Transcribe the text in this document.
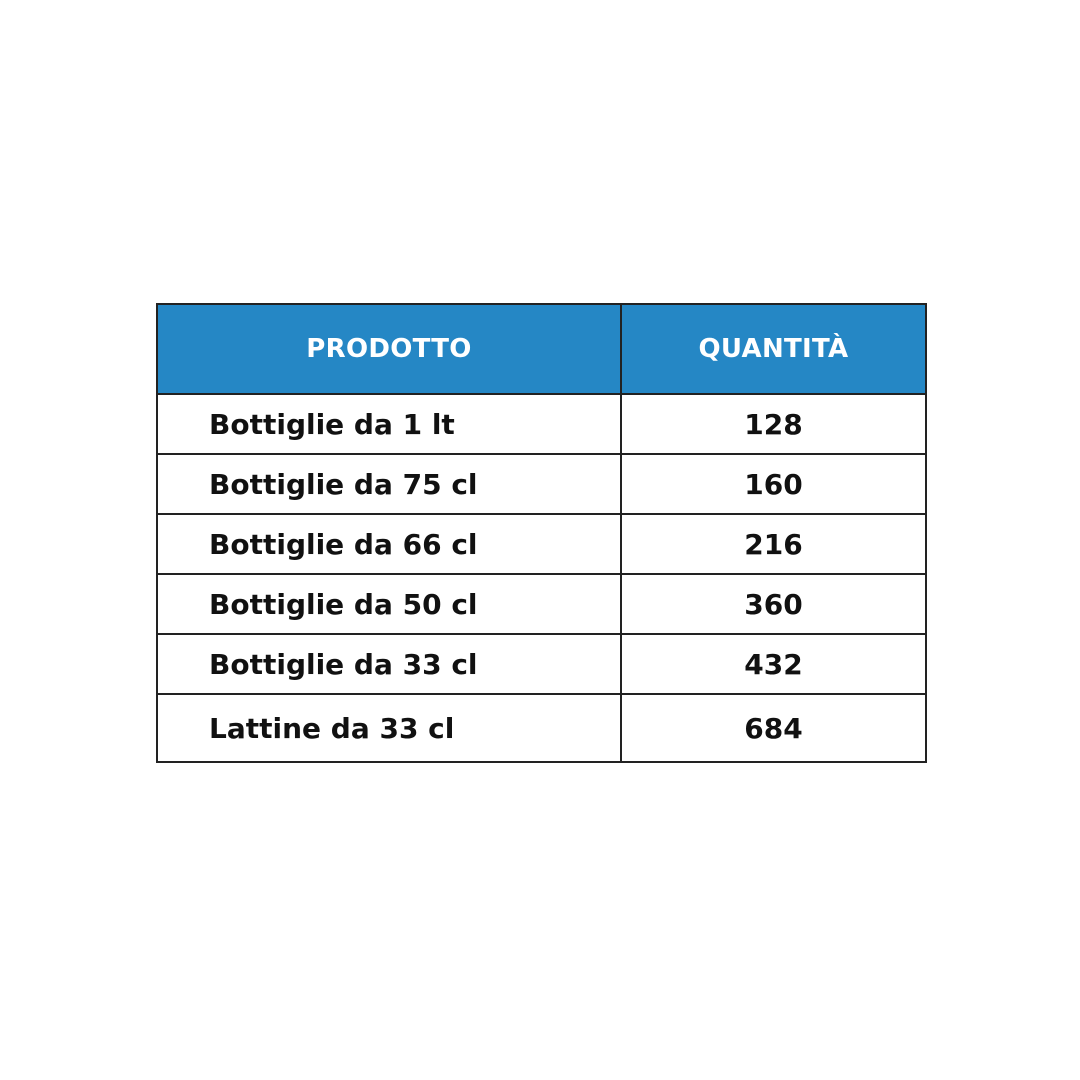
PRODOTTO	QUANTITÀ
Bottiglie da 1 lt	128
Bottiglie da 75 cl	160
Bottiglie da 66 cl	216
Bottiglie da 50 cl	360
Bottiglie da 33 cl	432
Lattine da 33 cl	684
